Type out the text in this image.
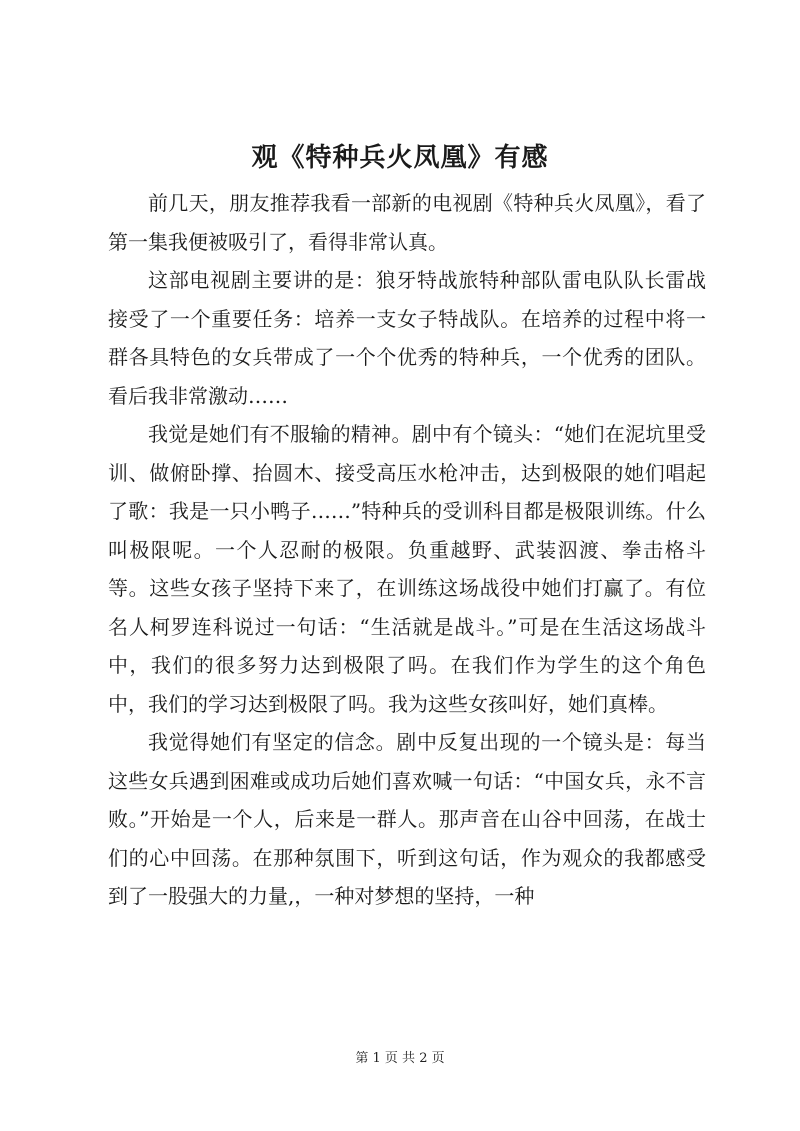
观《特种兵火凤凰》有感

前几天，朋友推荐我看一部新的电视剧《特种兵火凤凰》，看了第一集我便被吸引了，看得非常认真。

这部电视剧主要讲的是：狼牙特战旅特种部队雷电队队长雷战接受了一个重要任务：培养一支女子特战队。在培养的过程中将一群各具特色的女兵带成了一个个优秀的特种兵，一个优秀的团队。看后我非常激动……

我觉是她们有不服输的精神。剧中有个镜头：“她们在泥坑里受训、做俯卧撑、抬圆木、接受高压水枪冲击，达到极限的她们唱起了歌：我是一只小鸭子……”特种兵的受训科目都是极限训练。什么叫极限呢。一个人忍耐的极限。负重越野、武装泅渡、拳击格斗等。这些女孩子坚持下来了，在训练这场战役中她们打赢了。有位名人柯罗连科说过一句话：“生活就是战斗。”可是在生活这场战斗中，我们的很多努力达到极限了吗。在我们作为学生的这个角色中，我们的学习达到极限了吗。我为这些女孩叫好，她们真棒。

我觉得她们有坚定的信念。剧中反复出现的一个镜头是：每当这些女兵遇到困难或成功后她们喜欢喊一句话：“中国女兵，永不言败。”开始是一个人，后来是一群人。那声音在山谷中回荡，在战士们的心中回荡。在那种氛围下，听到这句话，作为观众的我都感受到了一股强大的力量,，一种对梦想的坚持，一种

第 1 页 共 2 页
